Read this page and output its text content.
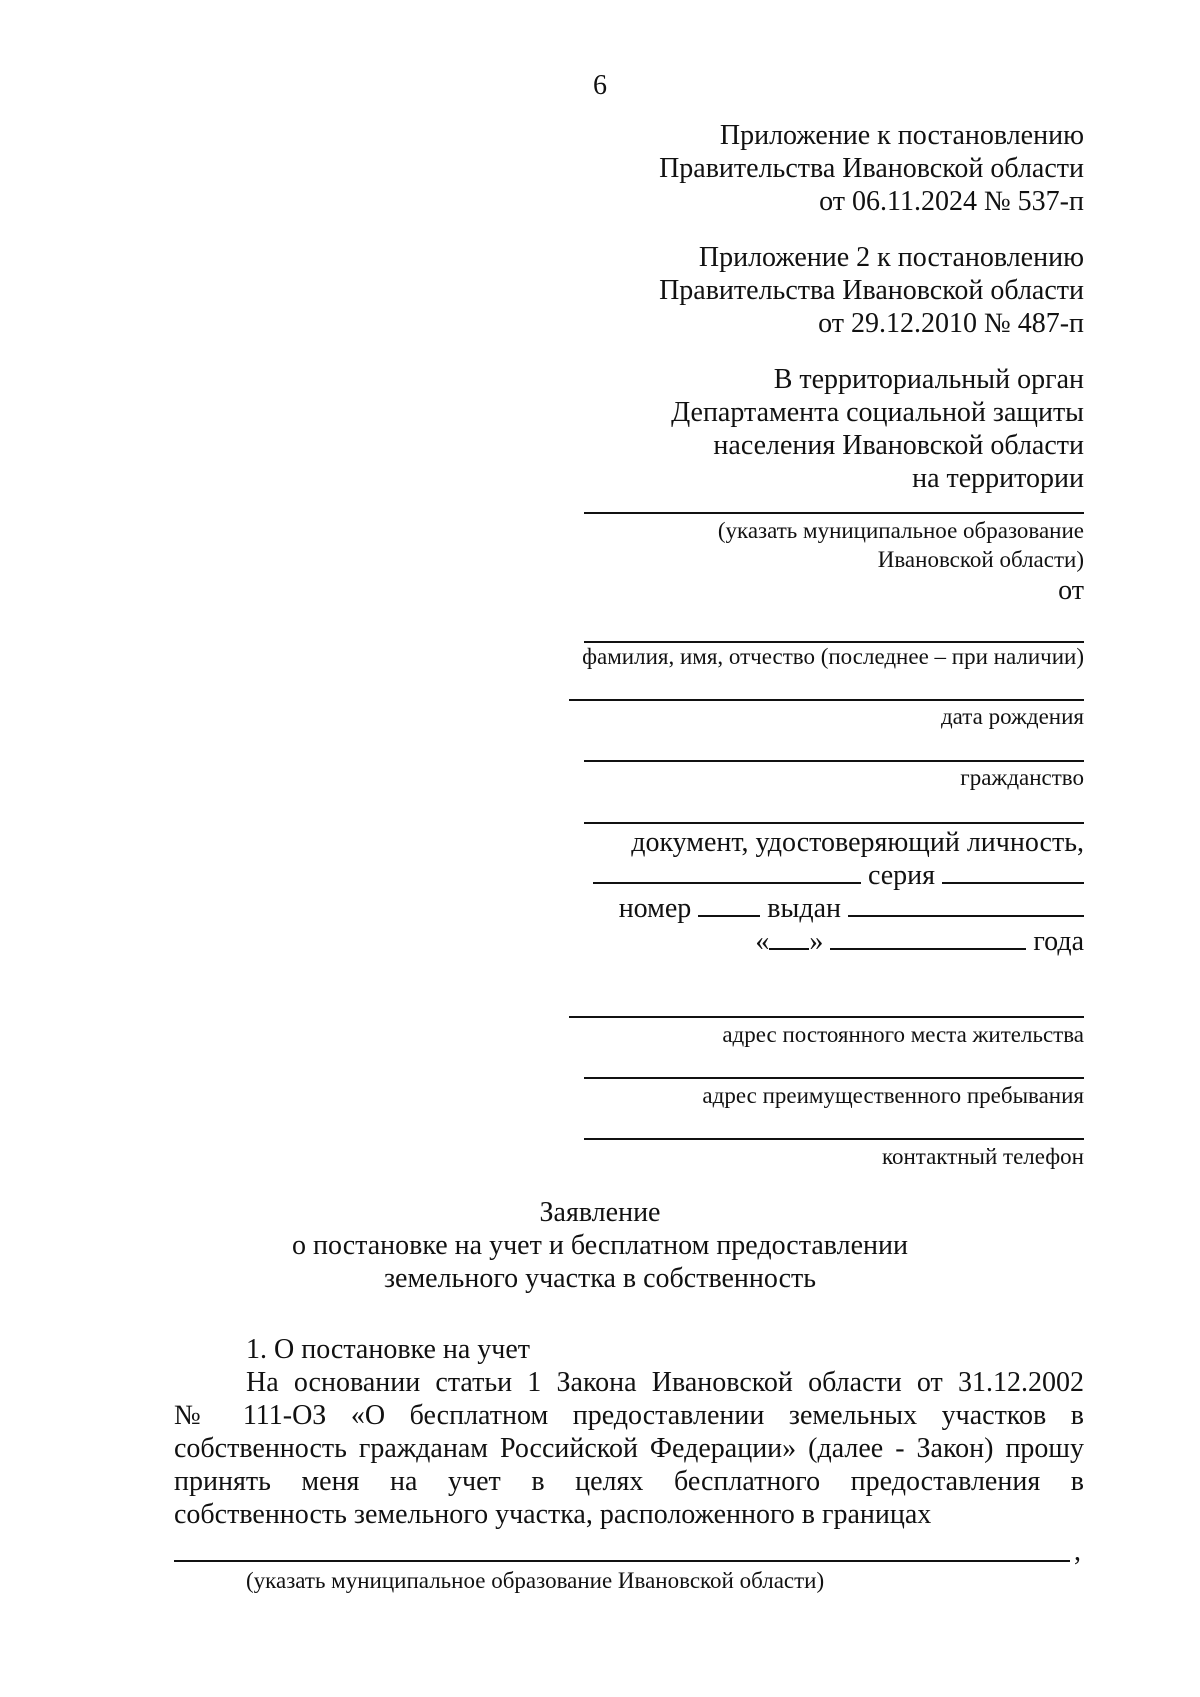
6
Приложение к постановлению
Правительства Ивановской области
от 06.11.2024 № 537-п
Приложение 2 к постановлению
Правительства Ивановской области
от 29.12.2010 № 487-п
В территориальный орган
Департамента социальной защиты
населения Ивановской области
на территории
(указать муниципальное образование
Ивановской области)
от
фамилия, имя, отчество (последнее – при наличии)
дата рождения
гражданство
документ, удостоверяющий личность,
серия
номер	выдан
« »	года
адрес постоянного места жительства
адрес преимущественного пребывания
контактный телефон
Заявление
о постановке на учет и бесплатном предоставлении
земельного участка в собственность
1. О постановке на учет
На основании статьи 1 Закона Ивановской области от 31.12.2002
№ 111-ОЗ «О бесплатном предоставлении земельных участков в
собственность гражданам Российской Федерации» (далее - Закон) прошу
принять меня на учет в целях бесплатного предоставления в
собственность земельного участка, расположенного в границах
,
(указать муниципальное образование Ивановской области)
